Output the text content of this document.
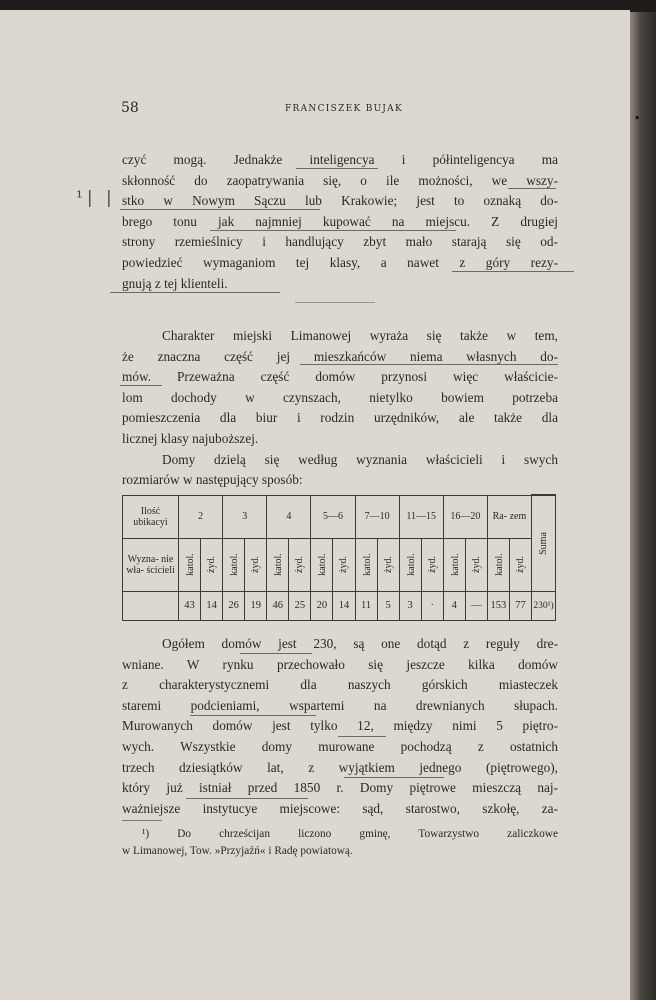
•
58	FRANCISZEK BUJAK
¹| |
czyć mogą. Jednakże inteligencya i półinteligencya ma
skłonność do zaopatrywania się, o ile możności, we wszy-
stko w Nowym Sączu lub Krakowie; jest to oznaką do-
brego tonu jak najmniej kupować na miejscu. Z drugiej
strony rzemieślnicy i handlujący zbyt mało starają się od-
powiedzieć wymaganiom tej klasy, a nawet z góry rezy-
gnują z tej klienteli.
Charakter miejski Limanowej wyraża się także w tem,
że znaczna część jej mieszkańców niema własnych do-
mów. Przeważna część domów przynosi więc właścicie-
lom dochody w czynszach, nietylko bowiem potrzeba
pomieszczenia dla biur i rodzin urzędników, ale także dla
licznej klasy najuboższej.
Domy dzielą się według wyznania właścicieli i swych
rozmiarów w następujący sposób:
Ilość ubikacyi	2		3		4		5—6		7—10		11—15		16—20		Ra- zem		Suma
Wyzna- nie wła- ścicieli	katol.	żyd.	katol.	żyd.	katol.	żyd.	katol.	żyd.	katol.	żyd.	katol.	żyd.	katol.	żyd.	katol.	żyd.	
	43	14	26	19	46	25	20	14	11	5	3	·	4	—	153	77	230¹)
Ogółem domów jest 230, są one dotąd z reguły dre-
wniane. W rynku przechowało się jeszcze kilka domów
z charakterystycznemi dla naszych górskich miasteczek
staremi podcieniami, wspartemi na drewnianych słupach.
Murowanych domów jest tylko 12, między nimi 5 piętro-
wych. Wszystkie domy murowane pochodzą z ostatnich
trzech dziesiątków lat, z wyjątkiem jednego (piętrowego),
który już istniał przed 1850 r. Domy piętrowe mieszczą naj-
ważniejsze instytucye miejscowe: sąd, starostwo, szkołę, za-
¹) Do chrześcijan liczono gminę, Towarzystwo zaliczkowe
w Limanowej, Tow. »Przyjaźń« i Radę powiatową.
